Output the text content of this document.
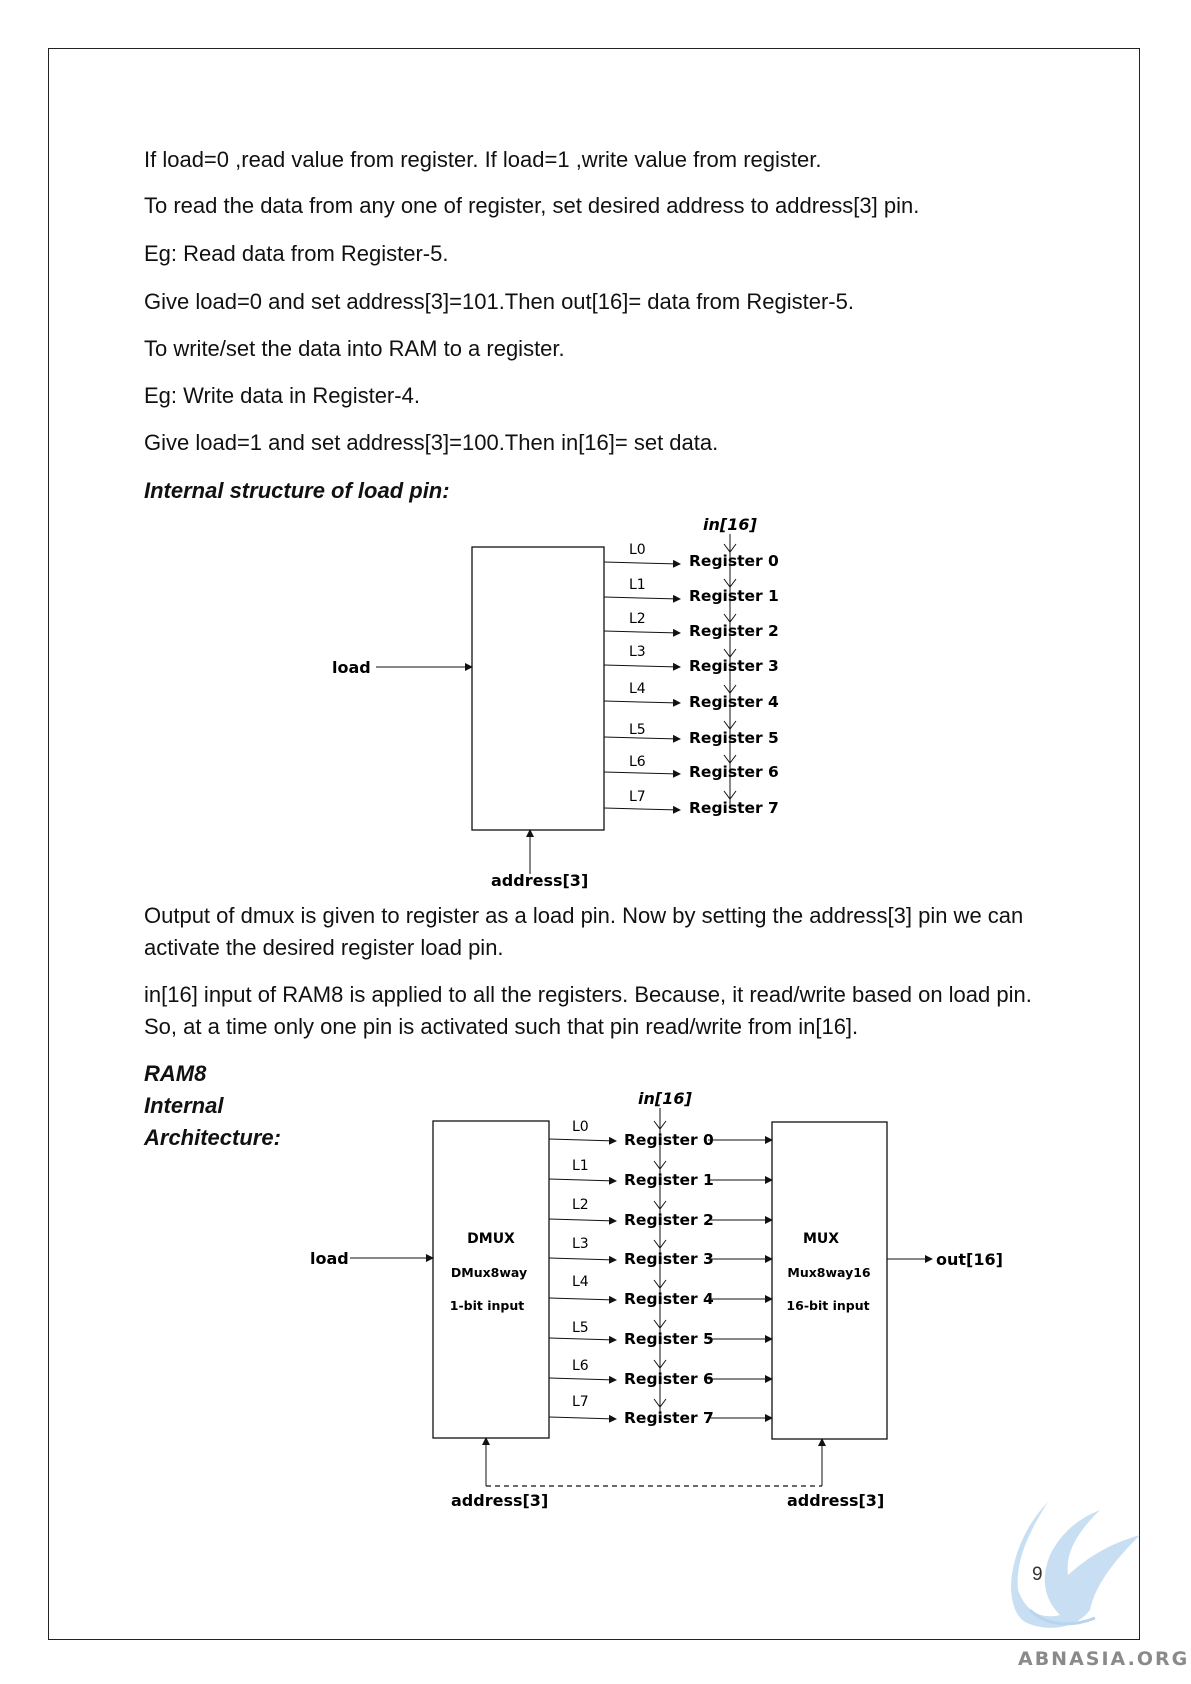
If load=0 ,read value from register. If load=1 ,write value from register.

To read the data from any one of register, set desired address to address[3] pin.

Eg: Read data from Register-5.

Give load=0 and set address[3]=101.Then out[16]= data from Register-5.

To write/set the data into RAM to a register.

Eg: Write data in Register-4.

Give load=1 and set address[3]=100.Then in[16]= set data.

Internal structure of load pin:

in[16]
load
address[3]
L0
Register 0
L1
Register 1
L2
Register 2
L3
Register 3
L4
Register 4
L5	Register 5
L6
Register 6
L7
Register 7

Output of dmux is given to register as a load pin. Now by setting the address[3] pin we can

activate the desired register load pin.

in[16] input of RAM8 is applied to all the registers. Because, it read/write based on load pin.

So, at a time only one pin is activated such that pin read/write from in[16].

RAM8

Internal

Architecture:

DMUX
DMux8way
1-bit input
MUX
Mux8way16
16-bit input
in[16]
load	out[16]
address[3]	address[3]
L0
Register 0
L1
Register 1
L2
Register 2
L3
Register 3
L4
Register 4
L5
Register 5
L6
Register 6
L7
Register 7
9
ABNASIA.ORG
